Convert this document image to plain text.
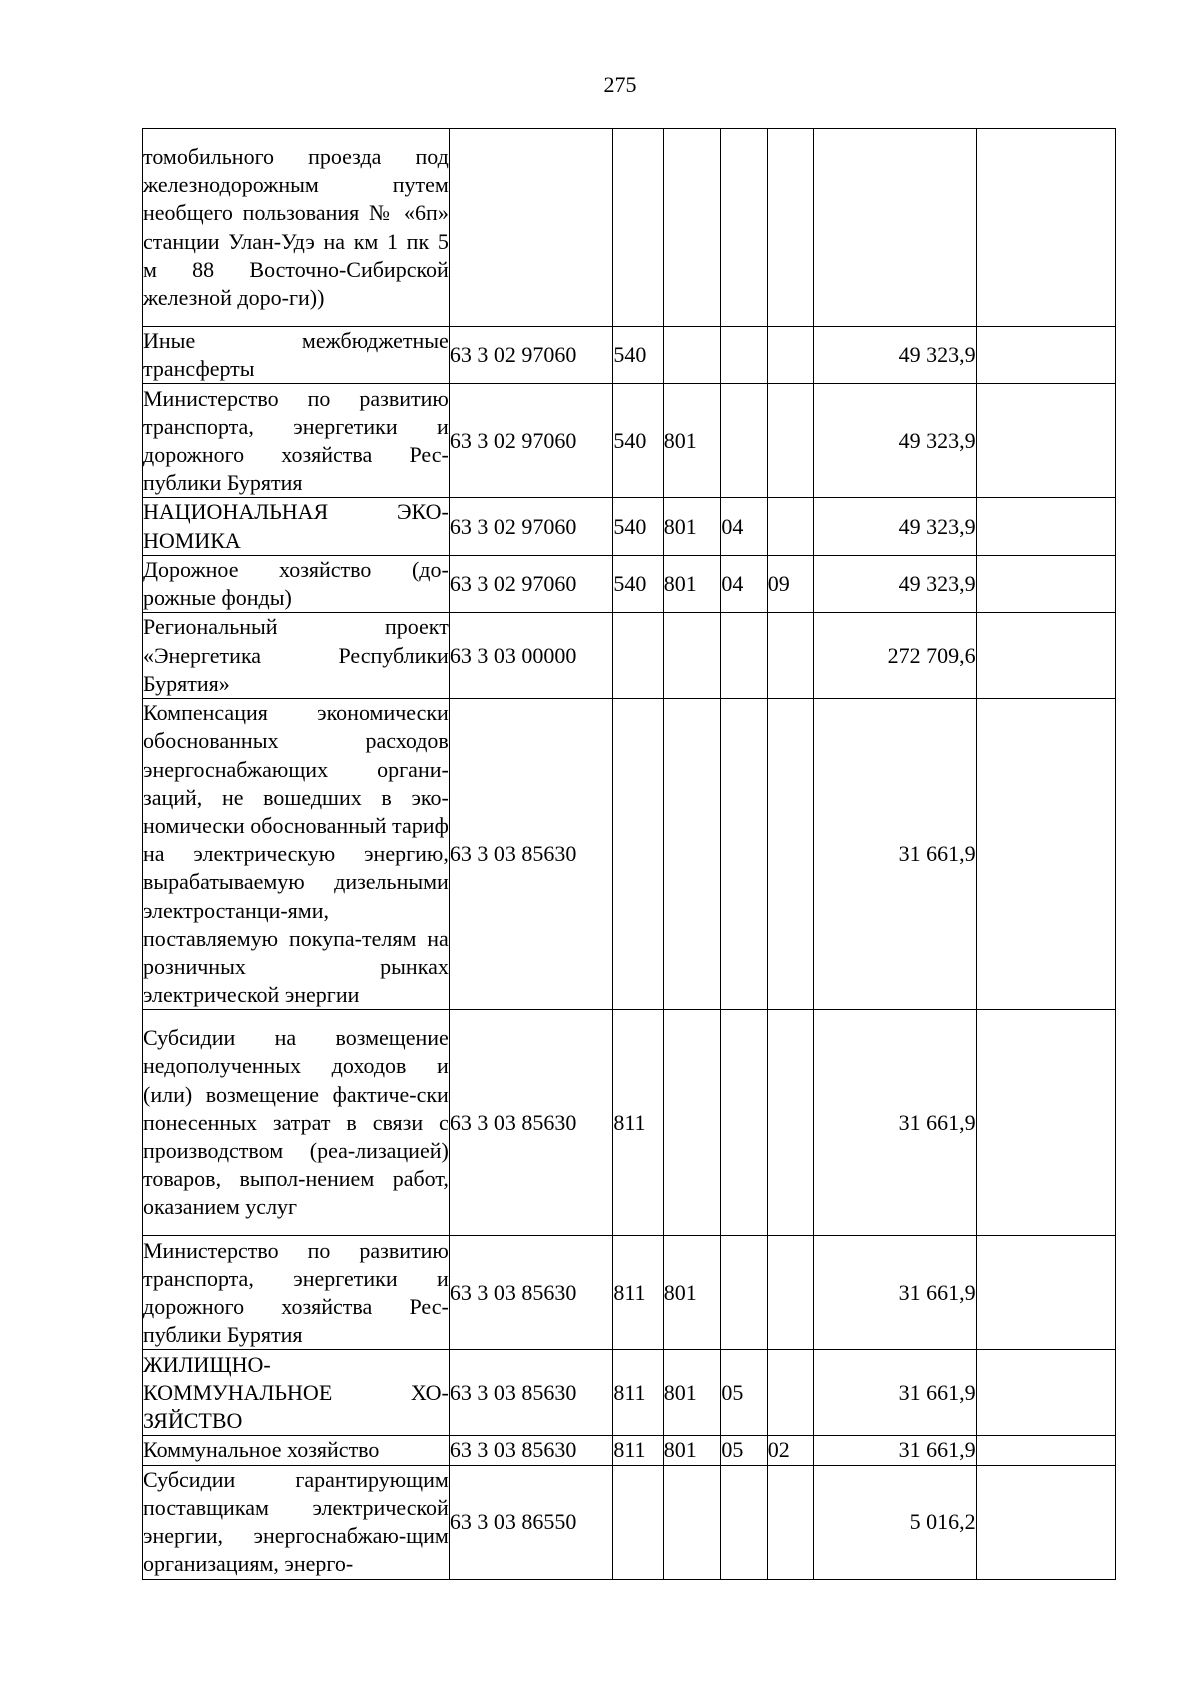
275
томобильного проезда под железнодорожным путем необщего пользования № «6п» станции Улан-Удэ на км 1 пк 5 м 88 Восточно-Сибирской железной доро-ги))							
Иные межбюджетные трансферты	63 3 02 97060	540				49 323,9	
Министерство по развитию транспорта, энергетики и дорожного хозяйства Рес-публики Бурятия	63 3 02 97060	540	801			49 323,9	
НАЦИОНАЛЬНАЯ ЭКО-НОМИКА	63 3 02 97060	540	801	04		49 323,9	
Дорожное хозяйство (до-рожные фонды)	63 3 02 97060	540	801	04	09	49 323,9	
Региональный проект «Энергетика Республики Бурятия»	63 3 03 00000					272 709,6	
Компенсация экономически обоснованных расходов энергоснабжающих органи-заций, не вошедших в эко-номически обоснованный тариф на электрическую энергию, вырабатываемую дизельными электростанци-ями, поставляемую покупа-телям на розничных рынках электрической энергии	63 3 03 85630					31 661,9	
Субсидии на возмещение недополученных доходов и (или) возмещение фактиче-ски понесенных затрат в связи с производством (реа-лизацией) товаров, выпол-нением работ, оказанием услуг	63 3 03 85630	811				31 661,9	
Министерство по развитию транспорта, энергетики и дорожного хозяйства Рес-публики Бурятия	63 3 03 85630	811	801			31 661,9	
ЖИЛИЩНО-КОММУНАЛЬНОЕ ХО-ЗЯЙСТВО	63 3 03 85630	811	801	05		31 661,9	
Коммунальное хозяйство	63 3 03 85630	811	801	05	02	31 661,9	
Субсидии гарантирующим поставщикам электрической энергии, энергоснабжаю-щим организациям, энерго-	63 3 03 86550					5 016,2	
